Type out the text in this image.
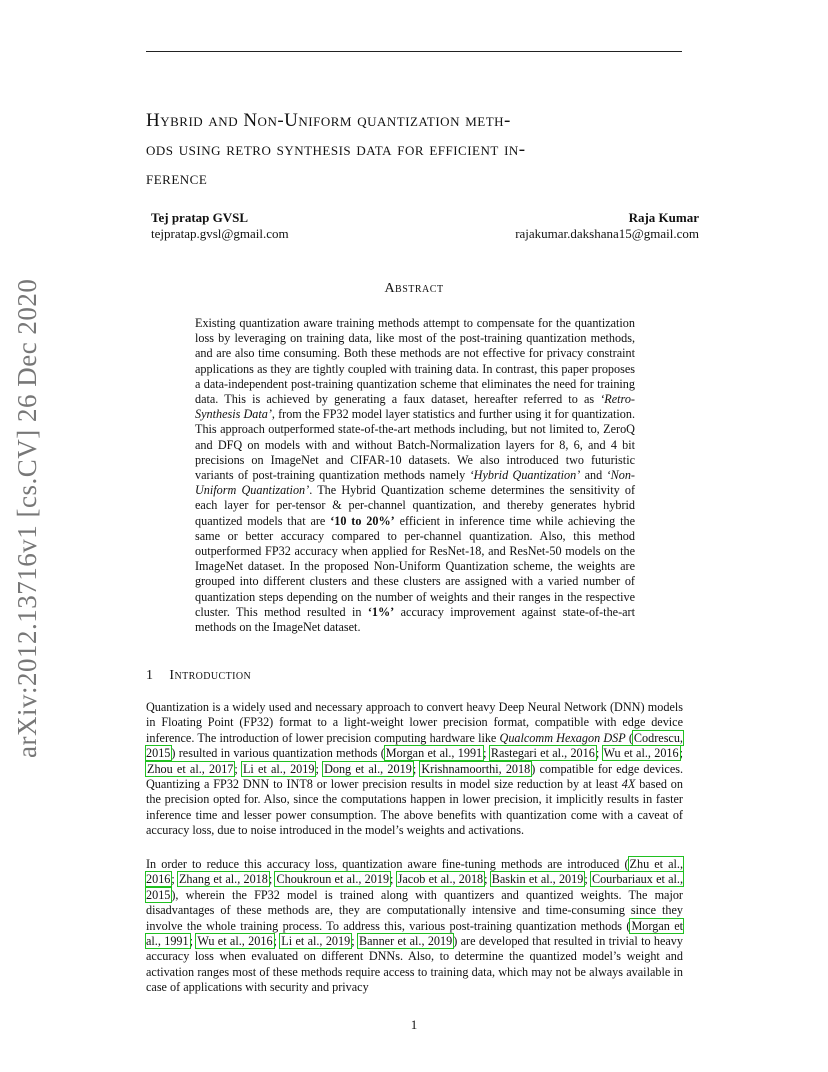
arXiv:2012.13716v1 [cs.CV] 26 Dec 2020
Hybrid and Non-Uniform quantization meth-
ods using retro synthesis data for efficient in-
ference
Tej pratap GVSL
tejpratap.gvsl@gmail.com
Raja Kumar
rajakumar.dakshana15@gmail.com
Abstract
Existing quantization aware training methods attempt to compensate for the quantization loss by leveraging on training data, like most of the post-training quantization methods, and are also time consuming. Both these methods are not effective for privacy constraint applications as they are tightly coupled with training data. In contrast, this paper proposes a data-independent post-training quantization scheme that eliminates the need for training data. This is achieved by generating a faux dataset, hereafter referred to as ‘Retro-Synthesis Data’, from the FP32 model layer statistics and further using it for quantization. This approach outperformed state-of-the-art methods including, but not limited to, ZeroQ and DFQ on models with and without Batch-Normalization layers for 8, 6, and 4 bit precisions on ImageNet and CIFAR-10 datasets. We also introduced two futuristic variants of post-training quantization methods namely ‘Hybrid Quantization’ and ‘Non-Uniform Quantization’. The Hybrid Quantization scheme determines the sensitivity of each layer for per-tensor & per-channel quantization, and thereby generates hybrid quantized models that are ‘10 to 20%’ efficient in inference time while achieving the same or better accuracy compared to per-channel quantization. Also, this method outperformed FP32 accuracy when applied for ResNet-18, and ResNet-50 models on the ImageNet dataset. In the proposed Non-Uniform Quantization scheme, the weights are grouped into different clusters and these clusters are assigned with a varied number of quantization steps depending on the number of weights and their ranges in the respective cluster. This method resulted in ‘1%’ accuracy improvement against state-of-the-art methods on the ImageNet dataset.
1 Introduction
Quantization is a widely used and necessary approach to convert heavy Deep Neural Network (DNN) models in Floating Point (FP32) format to a light-weight lower precision format, compatible with edge device inference. The introduction of lower precision computing hardware like Qualcomm Hexagon DSP (Codrescu, 2015) resulted in various quantization methods (Morgan et al., 1991; Rastegari et al., 2016; Wu et al., 2016; Zhou et al., 2017; Li et al., 2019; Dong et al., 2019; Krishnamoorthi, 2018) compatible for edge devices. Quantizing a FP32 DNN to INT8 or lower precision results in model size reduction by at least 4X based on the precision opted for. Also, since the computations happen in lower precision, it implicitly results in faster inference time and lesser power consumption. The above benefits with quantization come with a caveat of accuracy loss, due to noise introduced in the model’s weights and activations.
In order to reduce this accuracy loss, quantization aware fine-tuning methods are introduced (Zhu et al., 2016; Zhang et al., 2018; Choukroun et al., 2019; Jacob et al., 2018; Baskin et al., 2019; Courbariaux et al., 2015), wherein the FP32 model is trained along with quantizers and quantized weights. The major disadvantages of these methods are, they are computationally intensive and time-consuming since they involve the whole training process. To address this, various post-training quantization methods (Morgan et al., 1991; Wu et al., 2016; Li et al., 2019; Banner et al., 2019) are developed that resulted in trivial to heavy accuracy loss when evaluated on different DNNs. Also, to determine the quantized model’s weight and activation ranges most of these methods require access to training data, which may not be always available in case of applications with security and privacy
1
